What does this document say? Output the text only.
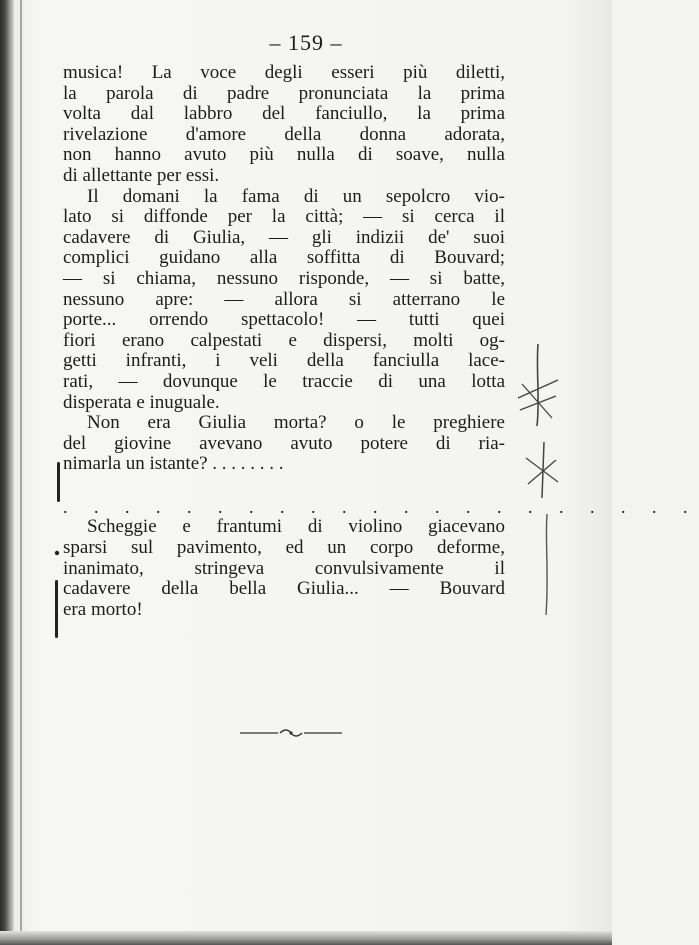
– 159 –
musica! La voce degli esseri più diletti,
la parola di padre pronunciata la prima
volta dal labbro del fanciullo, la prima
rivelazione d'amore della donna adorata,
non hanno avuto più nulla di soave, nulla
di allettante per essi.
Il domani la fama di un sepolcro vio-
lato si diffonde per la città; — si cerca il
cadavere di Giulia, — gli indizii de' suoi
complici guidano alla soffitta di Bouvard;
— si chiama, nessuno risponde, — si batte,
nessuno apre: — allora si atterrano le
porte... orrendo spettacolo! — tutti quei
fiori erano calpestati e dispersi, molti og-
getti infranti, i veli della fanciulla lace-
rati, — dovunque le traccie di una lotta
disperata e inuguale.
Non era Giulia morta? o le preghiere
del giovine avevano avuto potere di ria-
nimarla un istante? . . . . . . . .
. . . . . . . . . . . . . . . . . . . . .
Scheggie e frantumi di violino giacevano
sparsi sul pavimento, ed un corpo deforme,
inanimato, stringeva convulsivamente il
cadavere della bella Giulia... — Bouvard
era morto!
